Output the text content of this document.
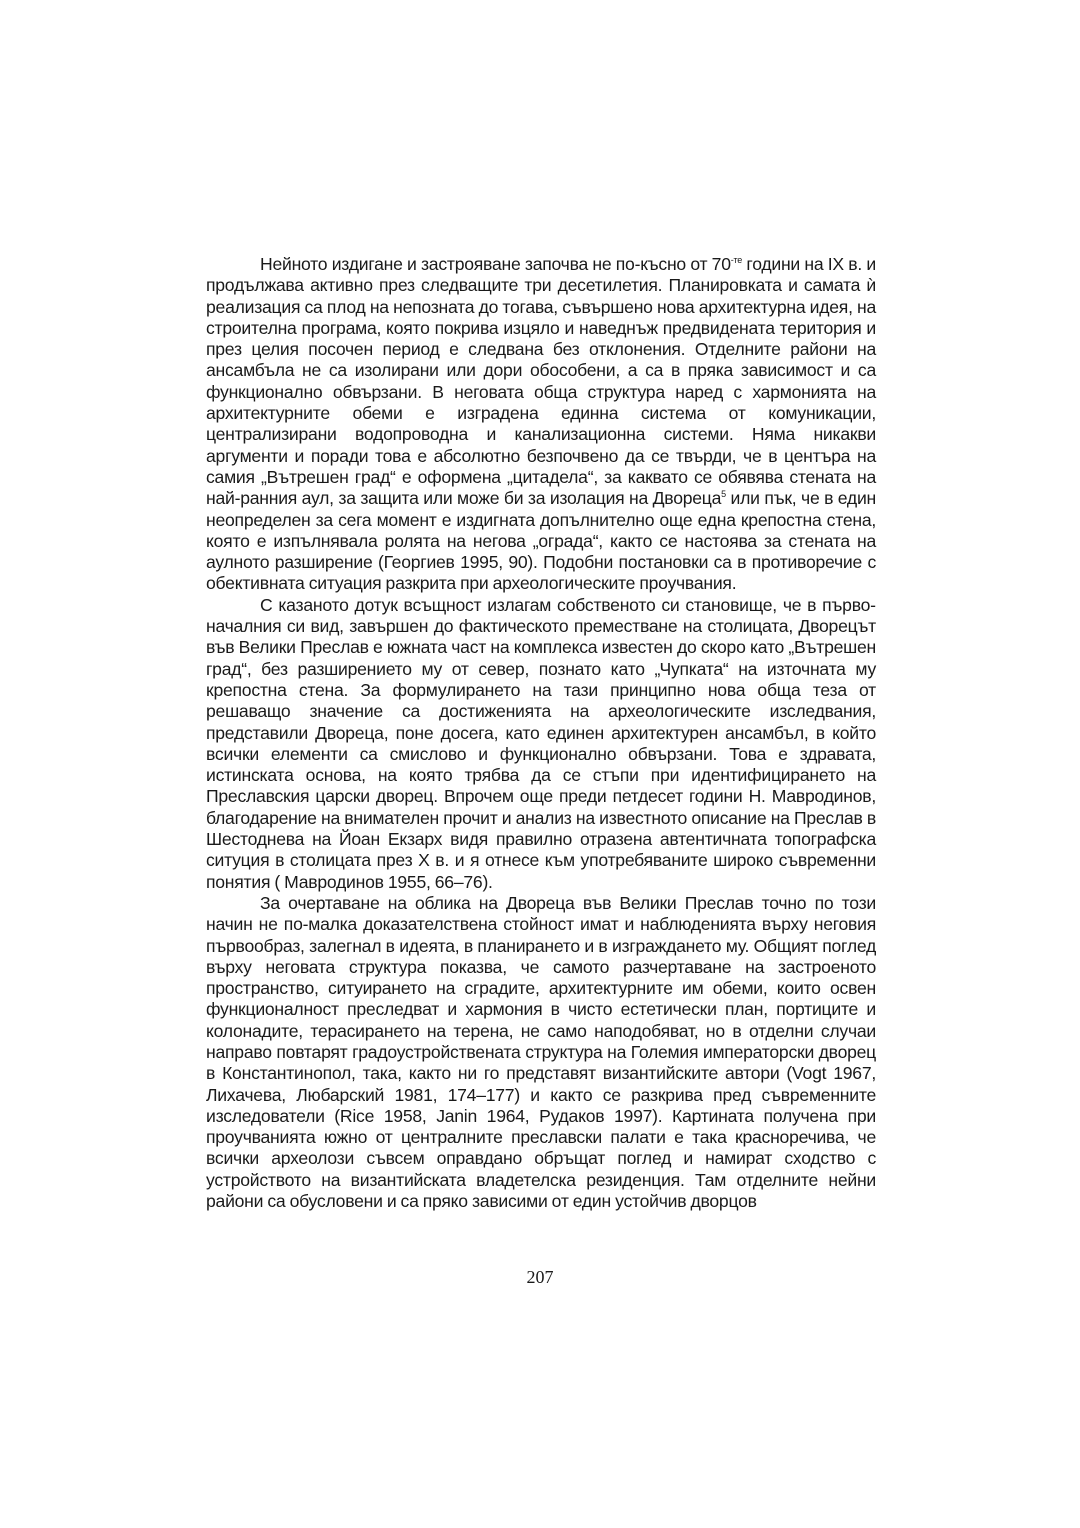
Нейното издигане и застрояване започва не по-късно от $70^{-те}$ години на IX в. и продължава активно през следващите три десетилетия. Планировката и самата ѝ реализация са плод на непозната до тогава, съвършено нова архитектурна идея, на строителна програма, която покрива изцяло и наведнъж предвидената територия и през целия посочен период е следвана без отклонения. Отделните райони на ансамбъла не са изолирани или дори обособени, а са в пряка зависимост и са функционално обвързани. В неговата обща структура наред с хармонията на архитектурните обеми е изградена единна система от комуникации, централизирани водопроводна и канализационна системи. Няма никакви аргументи и поради това е абсолютно безпочвено да се твърди, че в центъра на самия „Вътрешен град“ е оформена „цитадела“, за каквато се обявява стената на най-ранния аул, за защита или може би за изолация на Двореца$^5$ или пък, че в един неопределен за сега момент е издигната допълнително още една крепостна стена, която е изпълнявала ролята на негова „ограда“, както се настоява за стената на аулното разширение (Георгиев 1995, 90). Подобни постановки са в противоречие с обективната ситуация разкрита при археологическите проучвания.

С казаното дотук всъщност излагам собственото си становище, че в първоначалния си вид, завършен до фактическото преместване на столицата, Дворецът във Велики Преслав е южната част на комплекса известен до скоро като „Вътрешен град“, без разширението му от север, познато като „Чупката“ на източната му крепостна стена. За формулирането на тази принципно нова обща теза от решаващо значение са достиженията на археологическите изследвания, представили Двореца, поне досега, като единен архитектурен ансамбъл, в който всички елементи са смислово и функционално обвързани. Това е здравата, истинската основа, на която трябва да се стъпи при идентифицирането на Преславския царски дворец. Впрочем още преди петдесет години Н. Мавродинов, благодарение на внимателен прочит и анализ на известното описание на Преслав в Шестоднева на Йоан Екзарх видя правилно отразена автентичната топографска ситуция в столицата през X в. и я отнесе към употребяваните широко съвременни понятия ( Мавродинов 1955, 66–76).

За очертаване на облика на Двореца във Велики Преслав точно по този начин не по-малка доказателствена стойност имат и наблюденията върху неговия първообраз, залегнал в идеята, в планирането и в изграждането му. Общият поглед върху неговата структура показва, че самото разчертаване на застроеното пространство, ситуирането на сградите, архитектурните им обеми, които освен функционалност преследват и хармония в чисто естетически план, портиците и колонадите, терасирането на терена, не само наподобяват, но в отделни случаи направо повтарят градоустройствената структура на Големия императорски дворец в Константинопол, така, както ни го представят византийските автори (Vogt 1967, Лихачева, Любарский 1981, 174–177) и както се разкрива пред съвременните изследователи (Rice 1958, Janin 1964, Рудаков 1997). Картината получена при проучванията южно от централните преславски палати е така красноречива, че всички археолози съвсем оправдано обръщат поглед и намират сходство с устройството на византийската владетелска резиденция. Там отделните нейни райони са обусловени и са пряко зависими от един устойчив дворцов

207
